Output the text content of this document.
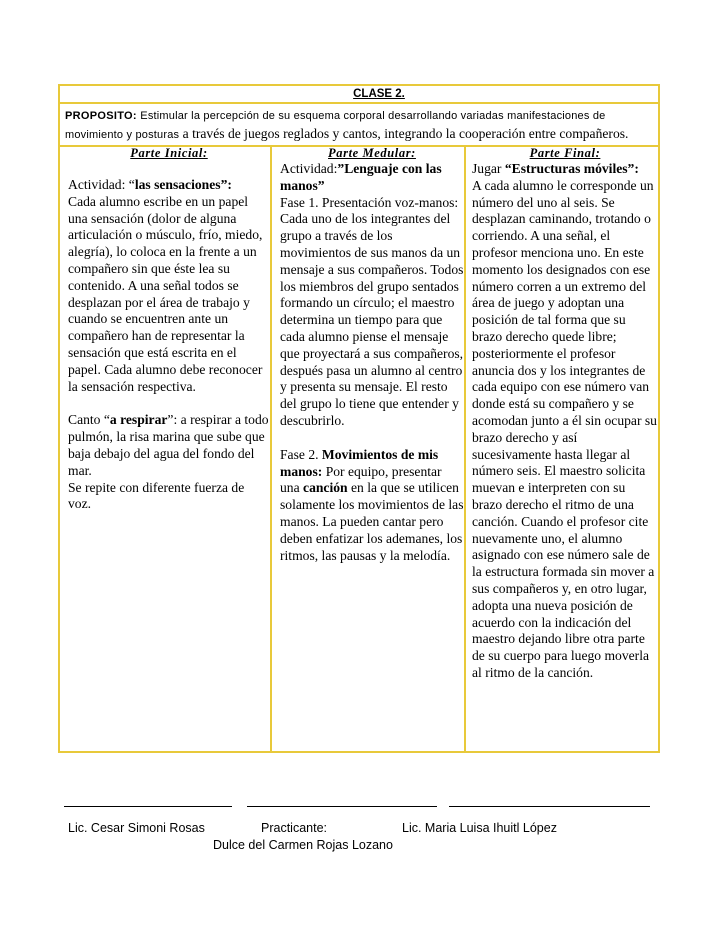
CLASE 2.
PROPOSITO: Estimular la percepción de su esquema corporal desarrollando variadas manifestaciones de movimiento y posturas a través de juegos reglados y cantos, integrando la cooperación entre compañeros.
Parte Inicial:

Actividad: “las sensaciones”:

Cada alumno escribe en un papel una sensación (dolor de alguna articulación o músculo, frío, miedo, alegría), lo coloca en la frente a un compañero sin que éste lea su contenido. A una señal todos se desplazan por el área de trabajo y cuando se encuentren ante un compañero han de representar la sensación que está escrita en el papel. Cada alumno debe reconocer la sensación respectiva.

Canto “a respirar”: a respirar a todo pulmón, la risa marina que sube que baja debajo del agua del fondo del mar.

Se repite con diferente fuerza de voz.

Parte Medular:

Actividad:”Lenguaje con las manos”

Fase 1. Presentación voz-manos: Cada uno de los integrantes del grupo a través de los movimientos de sus manos da un mensaje a sus compañeros. Todos los miembros del grupo sentados formando un círculo; el maestro determina un tiempo para que cada alumno piense el mensaje que proyectará a sus compañeros, después pasa un alumno al centro y presenta su mensaje. El resto del grupo lo tiene que entender y descubrirlo.

Fase 2. Movimientos de mis manos: Por equipo, presentar una canción en la que se utilicen solamente los movimientos de las manos. La pueden cantar pero deben enfatizar los ademanes, los ritmos, las pausas y la melodía.

Parte Final:

Jugar “Estructuras móviles”:

A cada alumno le corresponde un número del uno al seis. Se desplazan caminando, trotando o corriendo. A una señal, el profesor menciona uno. En este momento los designados con ese número corren a un extremo del área de juego y adoptan una posición de tal forma que su brazo derecho quede libre; posteriormente el profesor anuncia dos y los integrantes de cada equipo con ese número van donde está su compañero y se acomodan junto a él sin ocupar su brazo derecho y así sucesivamente hasta llegar al número seis. El maestro solicita muevan e interpreten con su brazo derecho el ritmo de una canción. Cuando el profesor cite nuevamente uno, el alumno asignado con ese número sale de la estructura formada sin mover a sus compañeros y, en otro lugar, adopta una nueva posición de acuerdo con la indicación del maestro dejando libre otra parte de su cuerpo para luego moverla al ritmo de la canción.

Lic. Cesar Simoni Rosas	Practicante:	Lic. Maria Luisa Ihuitl López
Dulce del Carmen Rojas Lozano
